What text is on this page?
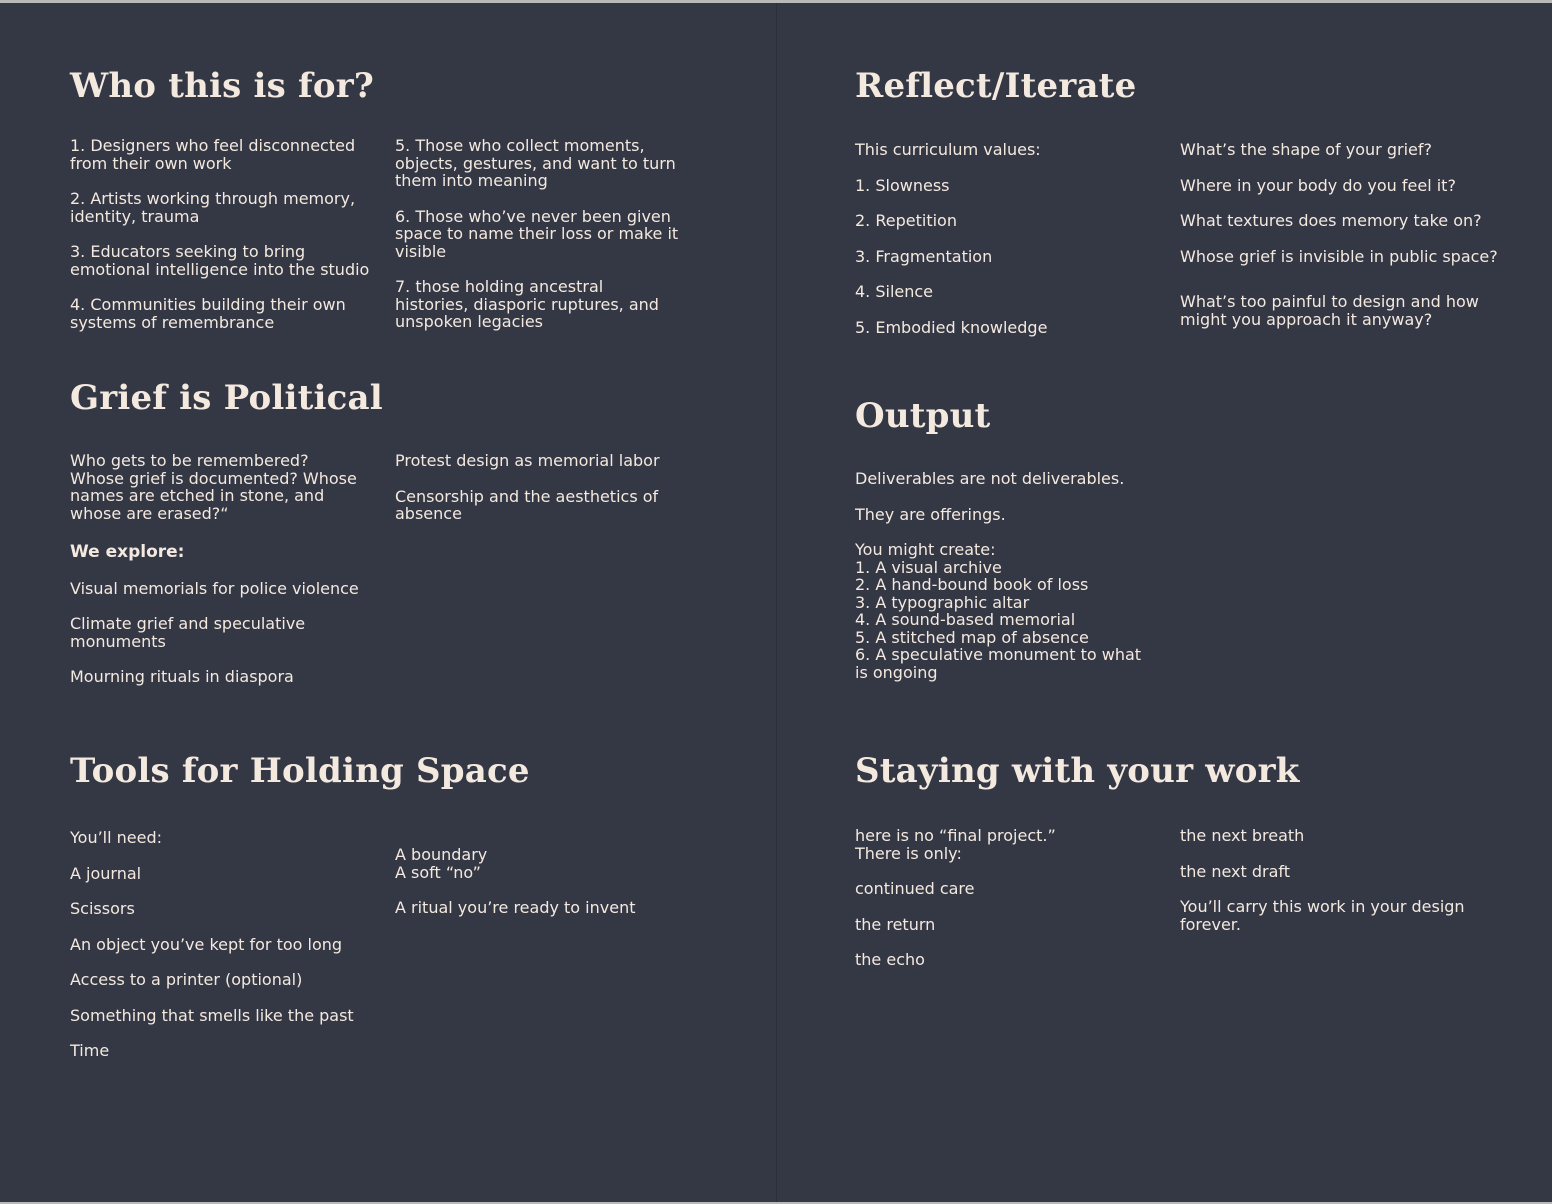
Who this is for?

1. Designers who feel disconnected from their own work

2. Artists working through memory, identity, trauma

3. Educators seeking to bring emotional intelligence into the studio

4. Communities building their own systems of remembrance

5. Those who collect moments, objects, gestures, and want to turn them into meaning

6. Those who’ve never been given space to name their loss or make it visible

7. those holding ancestral histories, diasporic ruptures, and unspoken legacies

Grief is Political

Who gets to be remembered? Whose grief is documented? Whose names are etched in stone, and whose are erased?“

We explore:

Visual memorials for police violence

Climate grief and speculative monuments

Mourning rituals in diaspora

Protest design as memorial labor

Censorship and the aesthetics of absence

Tools for Holding Space

You’ll need:

A journal

Scissors

An object you’ve kept for too long

Access to a printer (optional)

Something that smells like the past

Time

A boundary

A soft “no”

A ritual you’re ready to invent

Reflect/Iterate

This curriculum values:

1. Slowness

2. Repetition

3. Fragmentation

4. Silence

5. Embodied knowledge

What’s the shape of your grief?

Where in your body do you feel it?

What textures does memory take on?

Whose grief is invisible in public space?

What’s too painful to design and how might you approach it anyway?

Output

Deliverables are not deliverables.

They are offerings.

You might create:

1. A visual archive

2. A hand-bound book of loss

3. A typographic altar

4. A sound-based memorial

5. A stitched map of absence

6. A speculative monument to what is ongoing

Staying with your work

here is no “final project.”

There is only:

continued care

the return

the echo

the next breath

the next draft

You’ll carry this work in your design forever.
